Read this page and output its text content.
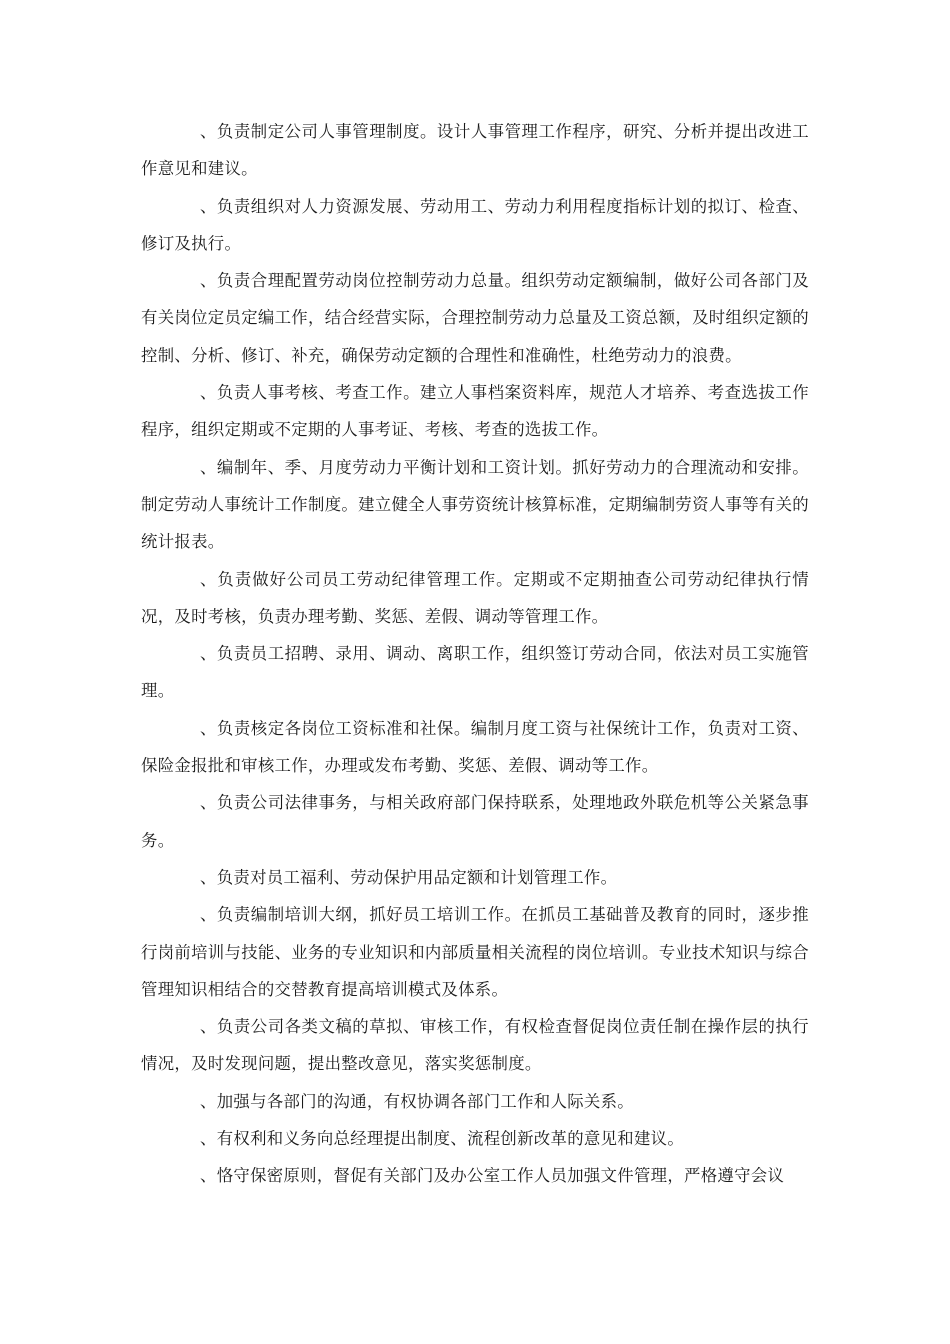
、负责制定公司人事管理制度。设计人事管理工作程序，研究、分析并提出改进工作意见和建议。

、负责组织对人力资源发展、劳动用工、劳动力利用程度指标计划的拟订、检查、修订及执行。

、负责合理配置劳动岗位控制劳动力总量。组织劳动定额编制，做好公司各部门及有关岗位定员定编工作，结合经营实际，合理控制劳动力总量及工资总额，及时组织定额的控制、分析、修订、补充，确保劳动定额的合理性和准确性，杜绝劳动力的浪费。

、负责人事考核、考查工作。建立人事档案资料库，规范人才培养、考查选拔工作程序，组织定期或不定期的人事考证、考核、考查的选拔工作。

、编制年、季、月度劳动力平衡计划和工资计划。抓好劳动力的合理流动和安排。制定劳动人事统计工作制度。建立健全人事劳资统计核算标准，定期编制劳资人事等有关的统计报表。

、负责做好公司员工劳动纪律管理工作。定期或不定期抽查公司劳动纪律执行情况，及时考核，负责办理考勤、奖惩、差假、调动等管理工作。

、负责员工招聘、录用、调动、离职工作，组织签订劳动合同，依法对员工实施管理。

、负责核定各岗位工资标准和社保。编制月度工资与社保统计工作，负责对工资、保险金报批和审核工作，办理或发布考勤、奖惩、差假、调动等工作。

、负责公司法律事务，与相关政府部门保持联系，处理地政外联危机等公关紧急事务。

、负责对员工福利、劳动保护用品定额和计划管理工作。

、负责编制培训大纲，抓好员工培训工作。在抓员工基础普及教育的同时，逐步推行岗前培训与技能、业务的专业知识和内部质量相关流程的岗位培训。专业技术知识与综合管理知识相结合的交替教育提高培训模式及体系。

、负责公司各类文稿的草拟、审核工作，有权检查督促岗位责任制在操作层的执行情况，及时发现问题，提出整改意见，落实奖惩制度。

、加强与各部门的沟通，有权协调各部门工作和人际关系。

、有权利和义务向总经理提出制度、流程创新改革的意见和建议。

、恪守保密原则，督促有关部门及办公室工作人员加强文件管理，严格遵守会议
